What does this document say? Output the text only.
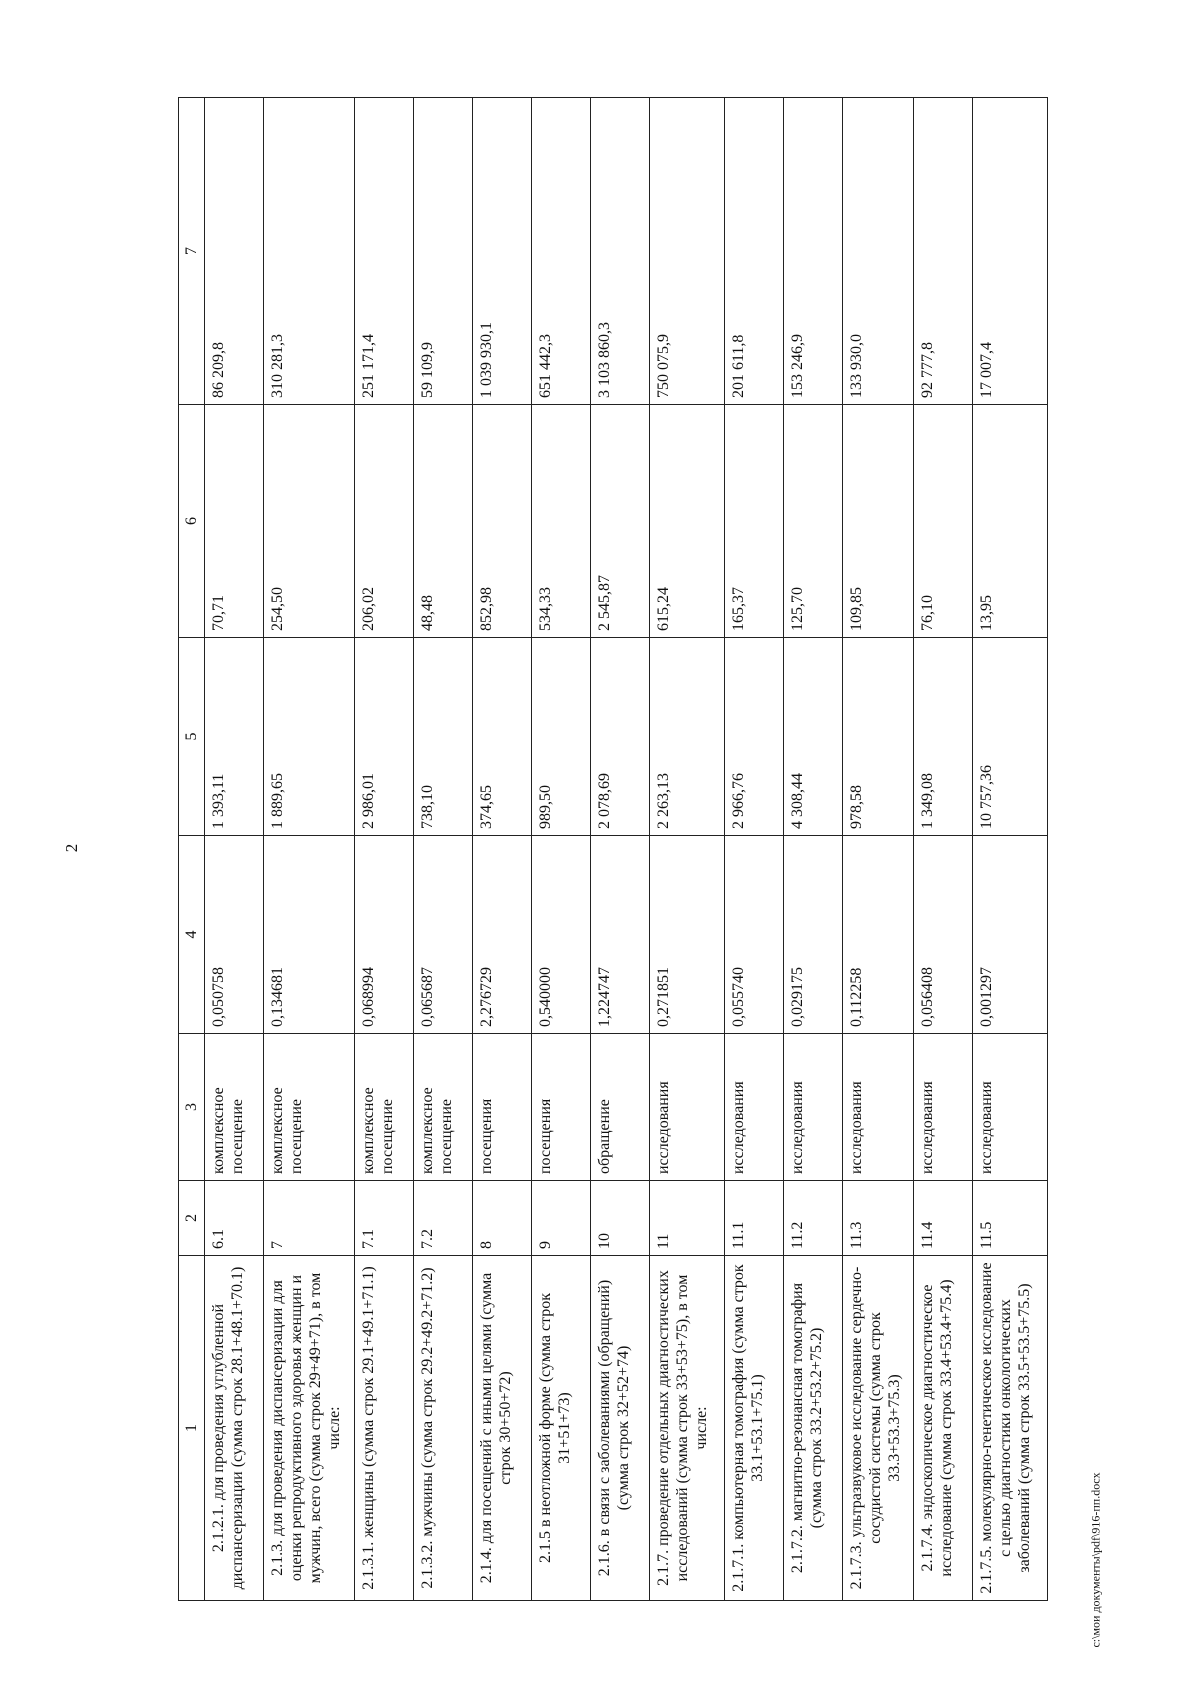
2
1	2	3	4	5	6	7
2.1.2.1. для проведения углубленной диспансеризации (сумма строк 28.1+48.1+70.1)	6.1	комплексное посещение	0,050758	1 393,11	70,71	86 209,8
2.1.3. для проведения диспансеризации для оценки репродуктивного здоровья женщин и мужчин, всего (сумма строк 29+49+71), в том числе:	7	комплексное посещение	0,134681	1 889,65	254,50	310 281,3
2.1.3.1. женщины (сумма строк 29.1+49.1+71.1)	7.1	комплексное посещение	0,068994	2 986,01	206,02	251 171,4
2.1.3.2. мужчины (сумма строк 29.2+49.2+71.2)	7.2	комплексное посещение	0,065687	738,10	48,48	59 109,9
2.1.4. для посещений с иными целями (сумма строк 30+50+72)	8	посещения	2,276729	374,65	852,98	1 039 930,1
2.1.5 в неотложной форме (сумма строк 31+51+73)	9	посещения	0,540000	989,50	534,33	651 442,3
2.1.6. в связи с заболеваниями (обращений) (сумма строк 32+52+74)	10	обращение	1,224747	2 078,69	2 545,87	3 103 860,3
2.1.7. проведение отдельных диагностических исследований (сумма строк 33+53+75), в том числе:	11	исследования	0,271851	2 263,13	615,24	750 075,9
2.1.7.1. компьютерная томография (сумма строк 33.1+53.1+75.1)	11.1	исследования	0,055740	2 966,76	165,37	201 611,8
2.1.7.2. магнитно-резонансная томография (сумма строк 33.2+53.2+75.2)	11.2	исследования	0,029175	4 308,44	125,70	153 246,9
2.1.7.3. ультразвуковое исследование сердечно-сосудистой системы (сумма строк 33.3+53.3+75.3)	11.3	исследования	0,112258	978,58	109,85	133 930,0
2.1.7.4. эндоскопическое диагностическое исследование (сумма строк 33.4+53.4+75.4)	11.4	исследования	0,056408	1 349,08	76,10	92 777,8
2.1.7.5. молекулярно-генетическое исследование с целью диагностики онкологических заболеваний (сумма строк 33.5+53.5+75.5)	11.5	исследования	0,001297	10 757,36	13,95	17 007,4
c:\мои документы\pdf\916-пп.docx
